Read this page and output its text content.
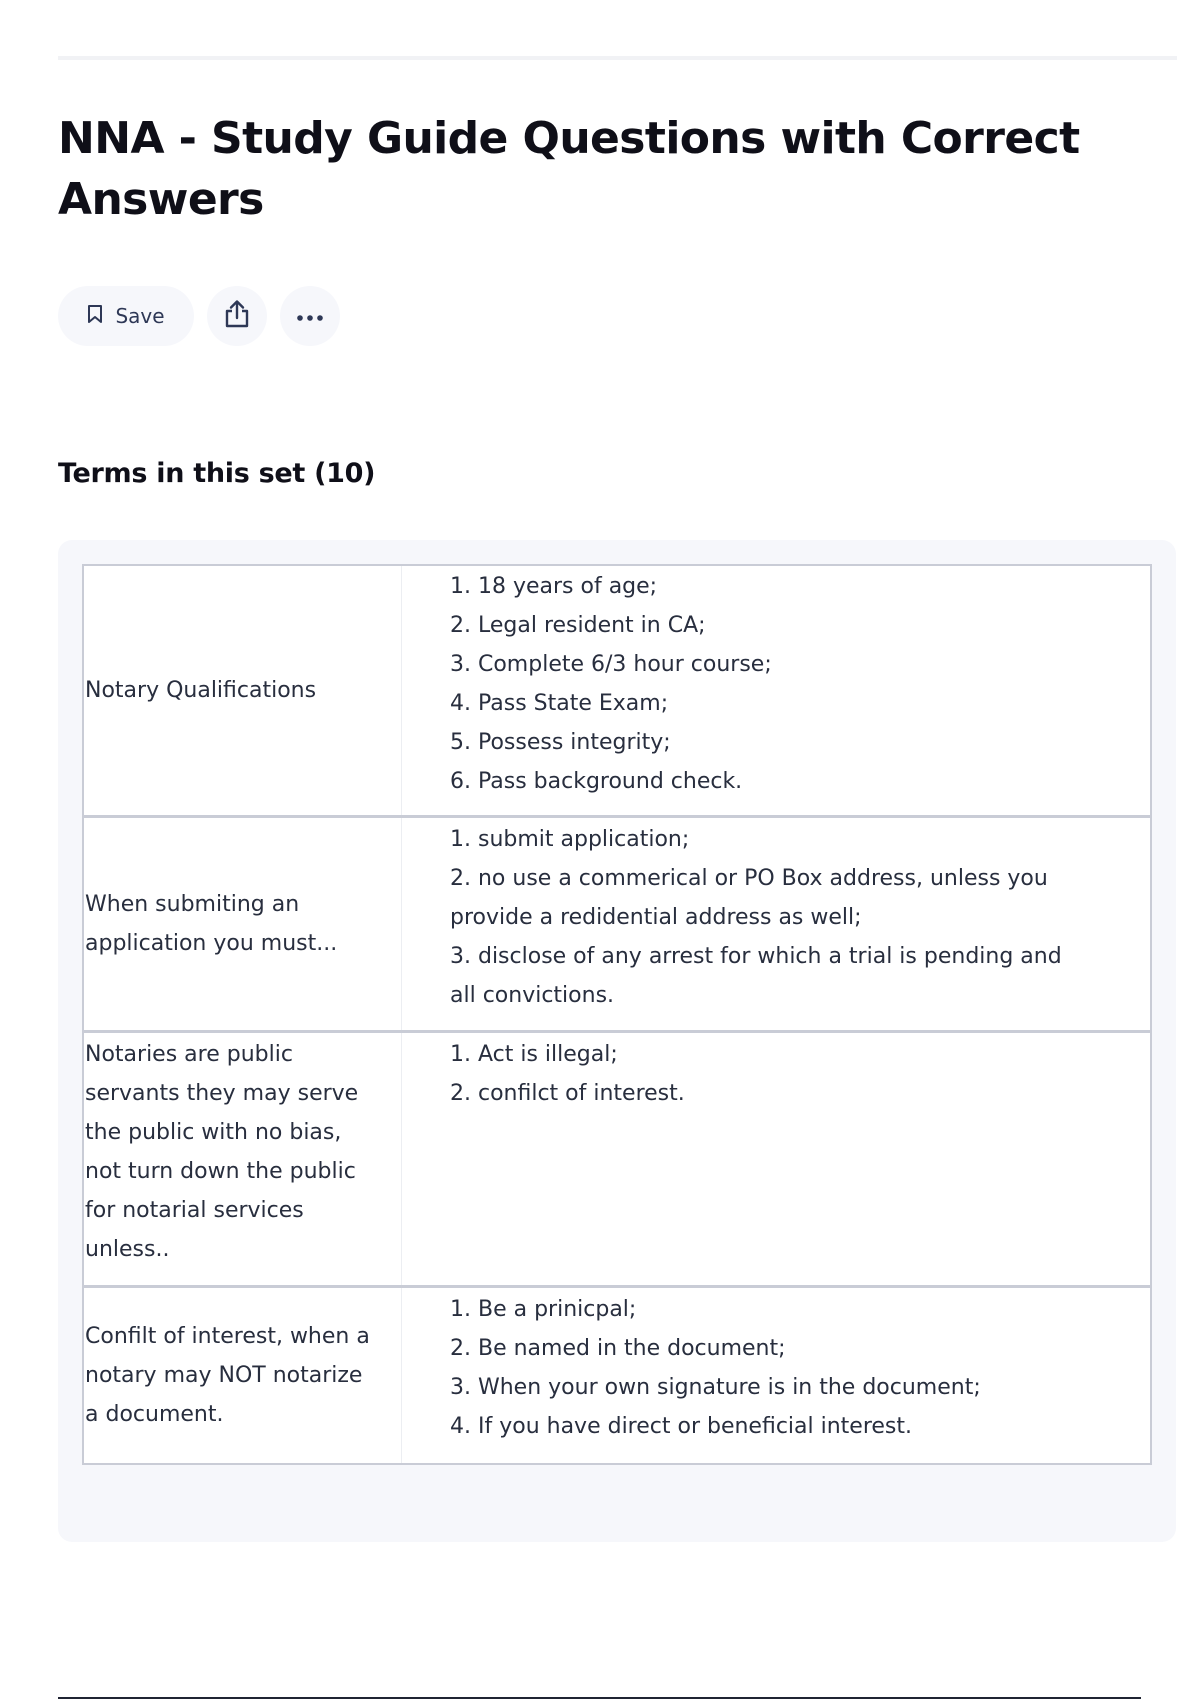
NNA - Study Guide Questions with Correct Answers
Save
Terms in this set (10)
Notary Qualifications
1. 18 years of age;
2. Legal resident in CA;
3. Complete 6/3 hour course;
4. Pass State Exam;
5. Possess integrity;
6. Pass background check.
When submiting an application you must...
1. submit application;
2. no use a commerical or PO Box address, unless you provide a redidential address as well;
3. disclose of any arrest for which a trial is pending and all convictions.
Notaries are public servants they may serve the public with no bias, not turn down the public for notarial services unless..
1. Act is illegal;
2. confilct of interest.
Confilt of interest, when a notary may NOT notarize a document.
1. Be a prinicpal;
2. Be named in the document;
3. When your own signature is in the document;
4. If you have direct or beneficial interest.
